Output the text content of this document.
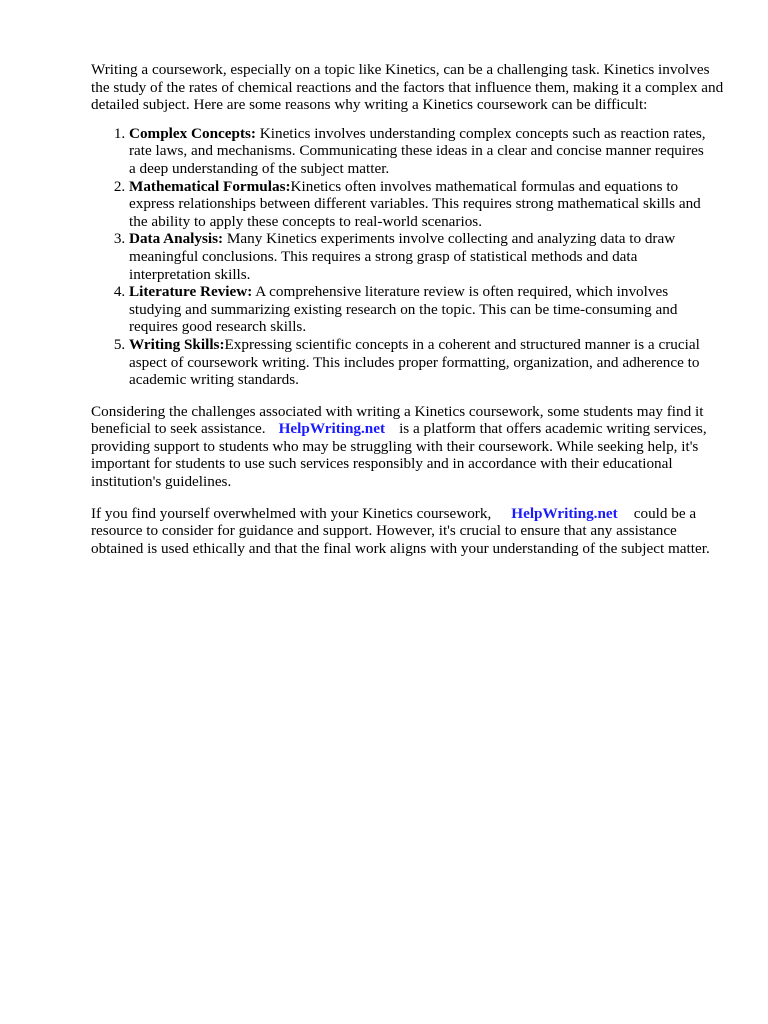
Writing a coursework, especially on a topic like Kinetics, can be a challenging task. Kinetics involves the study of the rates of chemical reactions and the factors that influence them, making it a complex and detailed subject. Here are some reasons why writing a Kinetics coursework can be difficult:

1. Complex Concepts: Kinetics involves understanding complex concepts such as reaction rates, rate laws, and mechanisms. Communicating these ideas in a clear and concise manner requires a deep understanding of the subject matter.
2. Mathematical Formulas:Kinetics often involves mathematical formulas and equations to express relationships between different variables. This requires strong mathematical skills and the ability to apply these concepts to real-world scenarios.
3. Data Analysis: Many Kinetics experiments involve collecting and analyzing data to draw meaningful conclusions. This requires a strong grasp of statistical methods and data interpretation skills.
4. Literature Review: A comprehensive literature review is often required, which involves studying and summarizing existing research on the topic. This can be time-consuming and requires good research skills.
5. Writing Skills:Expressing scientific concepts in a coherent and structured manner is a crucial aspect of coursework writing. This includes proper formatting, organization, and adherence to academic writing standards.

Considering the challenges associated with writing a Kinetics coursework, some students may find it beneficial to seek assistance. HelpWriting.net is a platform that offers academic writing services, providing support to students who may be struggling with their coursework. While seeking help, it's important for students to use such services responsibly and in accordance with their educational institution's guidelines.

If you find yourself overwhelmed with your Kinetics coursework, HelpWriting.net could be a resource to consider for guidance and support. However, it's crucial to ensure that any assistance obtained is used ethically and that the final work aligns with your understanding of the subject matter.
